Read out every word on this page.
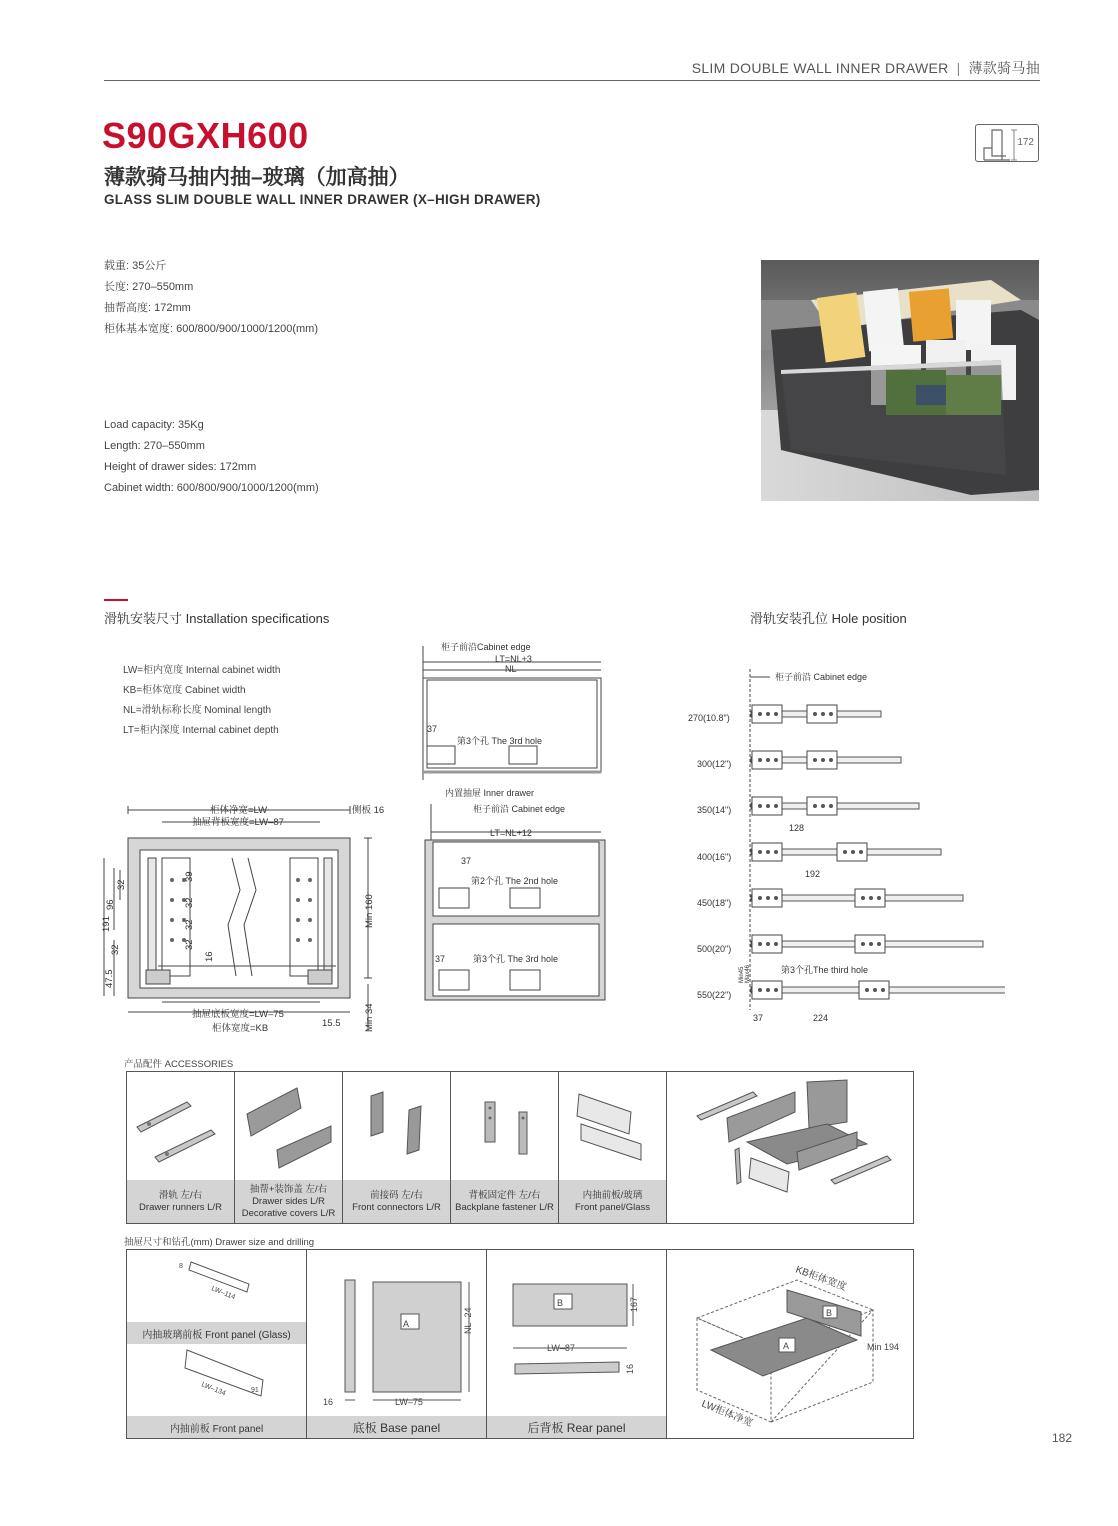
SLIM DOUBLE WALL INNER DRAWER | 薄款骑马抽
S90GXH600
薄款骑马抽内抽–玻璃（加高抽）
GLASS SLIM DOUBLE WALL INNER DRAWER (X–HIGH DRAWER)
172
载重: 35公斤
长度: 270–550mm
抽帮高度: 172mm
柜体基本宽度: 600/800/900/1000/1200(mm)
Load capacity: 35Kg
Length: 270–550mm
Height of drawer sides: 172mm
Cabinet width: 600/800/900/1000/1200(mm)
滑轨安装尺寸 Installation specifications	滑轨安装孔位 Hole position
LW=柜内宽度 Internal cabinet width
KB=柜体宽度 Cabinet width
NL=滑轨标称长度 Nominal length
LT=柜内深度 Internal cabinet depth
柜体净宽=LW	侧板 16
抽屉背板宽度=LW–87
抽屉底板宽度=LW–75
柜体宽度=KB	15.5
Min 160
Min 34
191
96
32
32
47.5
39
32
32
32
16
柜子前沿Cabinet edge
LT=NL+3
NL
37
第3个孔 The 3rd hole
内置抽屉 Inner drawer
柜子前沿 Cabinet edge
LT=NL+12
37
第2个孔 The 2nd hole
37	第3个孔 The 3rd hole
柜子前沿 Cabinet edge
270(10.8")
300(12")
350(14")
400(16")
450(18")
500(20")
550(22")
128
192
224
37
第3个孔The third hole
Min45 Max46
产品配件 ACCESSORIES
滑轨 左/右
Drawer runners L/R
抽帮+装饰盖 左/右
Drawer sides L/R
Decorative covers L/R
前接码 左/右
Front connectors L/R
背板固定件 左/右
Backplane fastener L/R
内抽前板/玻璃
Front panel/Glass
抽屉尺寸和钻孔(mm) Drawer size and drilling
8
LW–114
LW–134	91
内抽玻璃前板 Front panel (Glass)
内抽前板 Front panel
A
16	LW–75
NL–24
底板 Base panel
B
LW–87
167
16
后背板 Rear panel
A
B
KB柜体宽度
LW柜体净宽
Min 194
182
